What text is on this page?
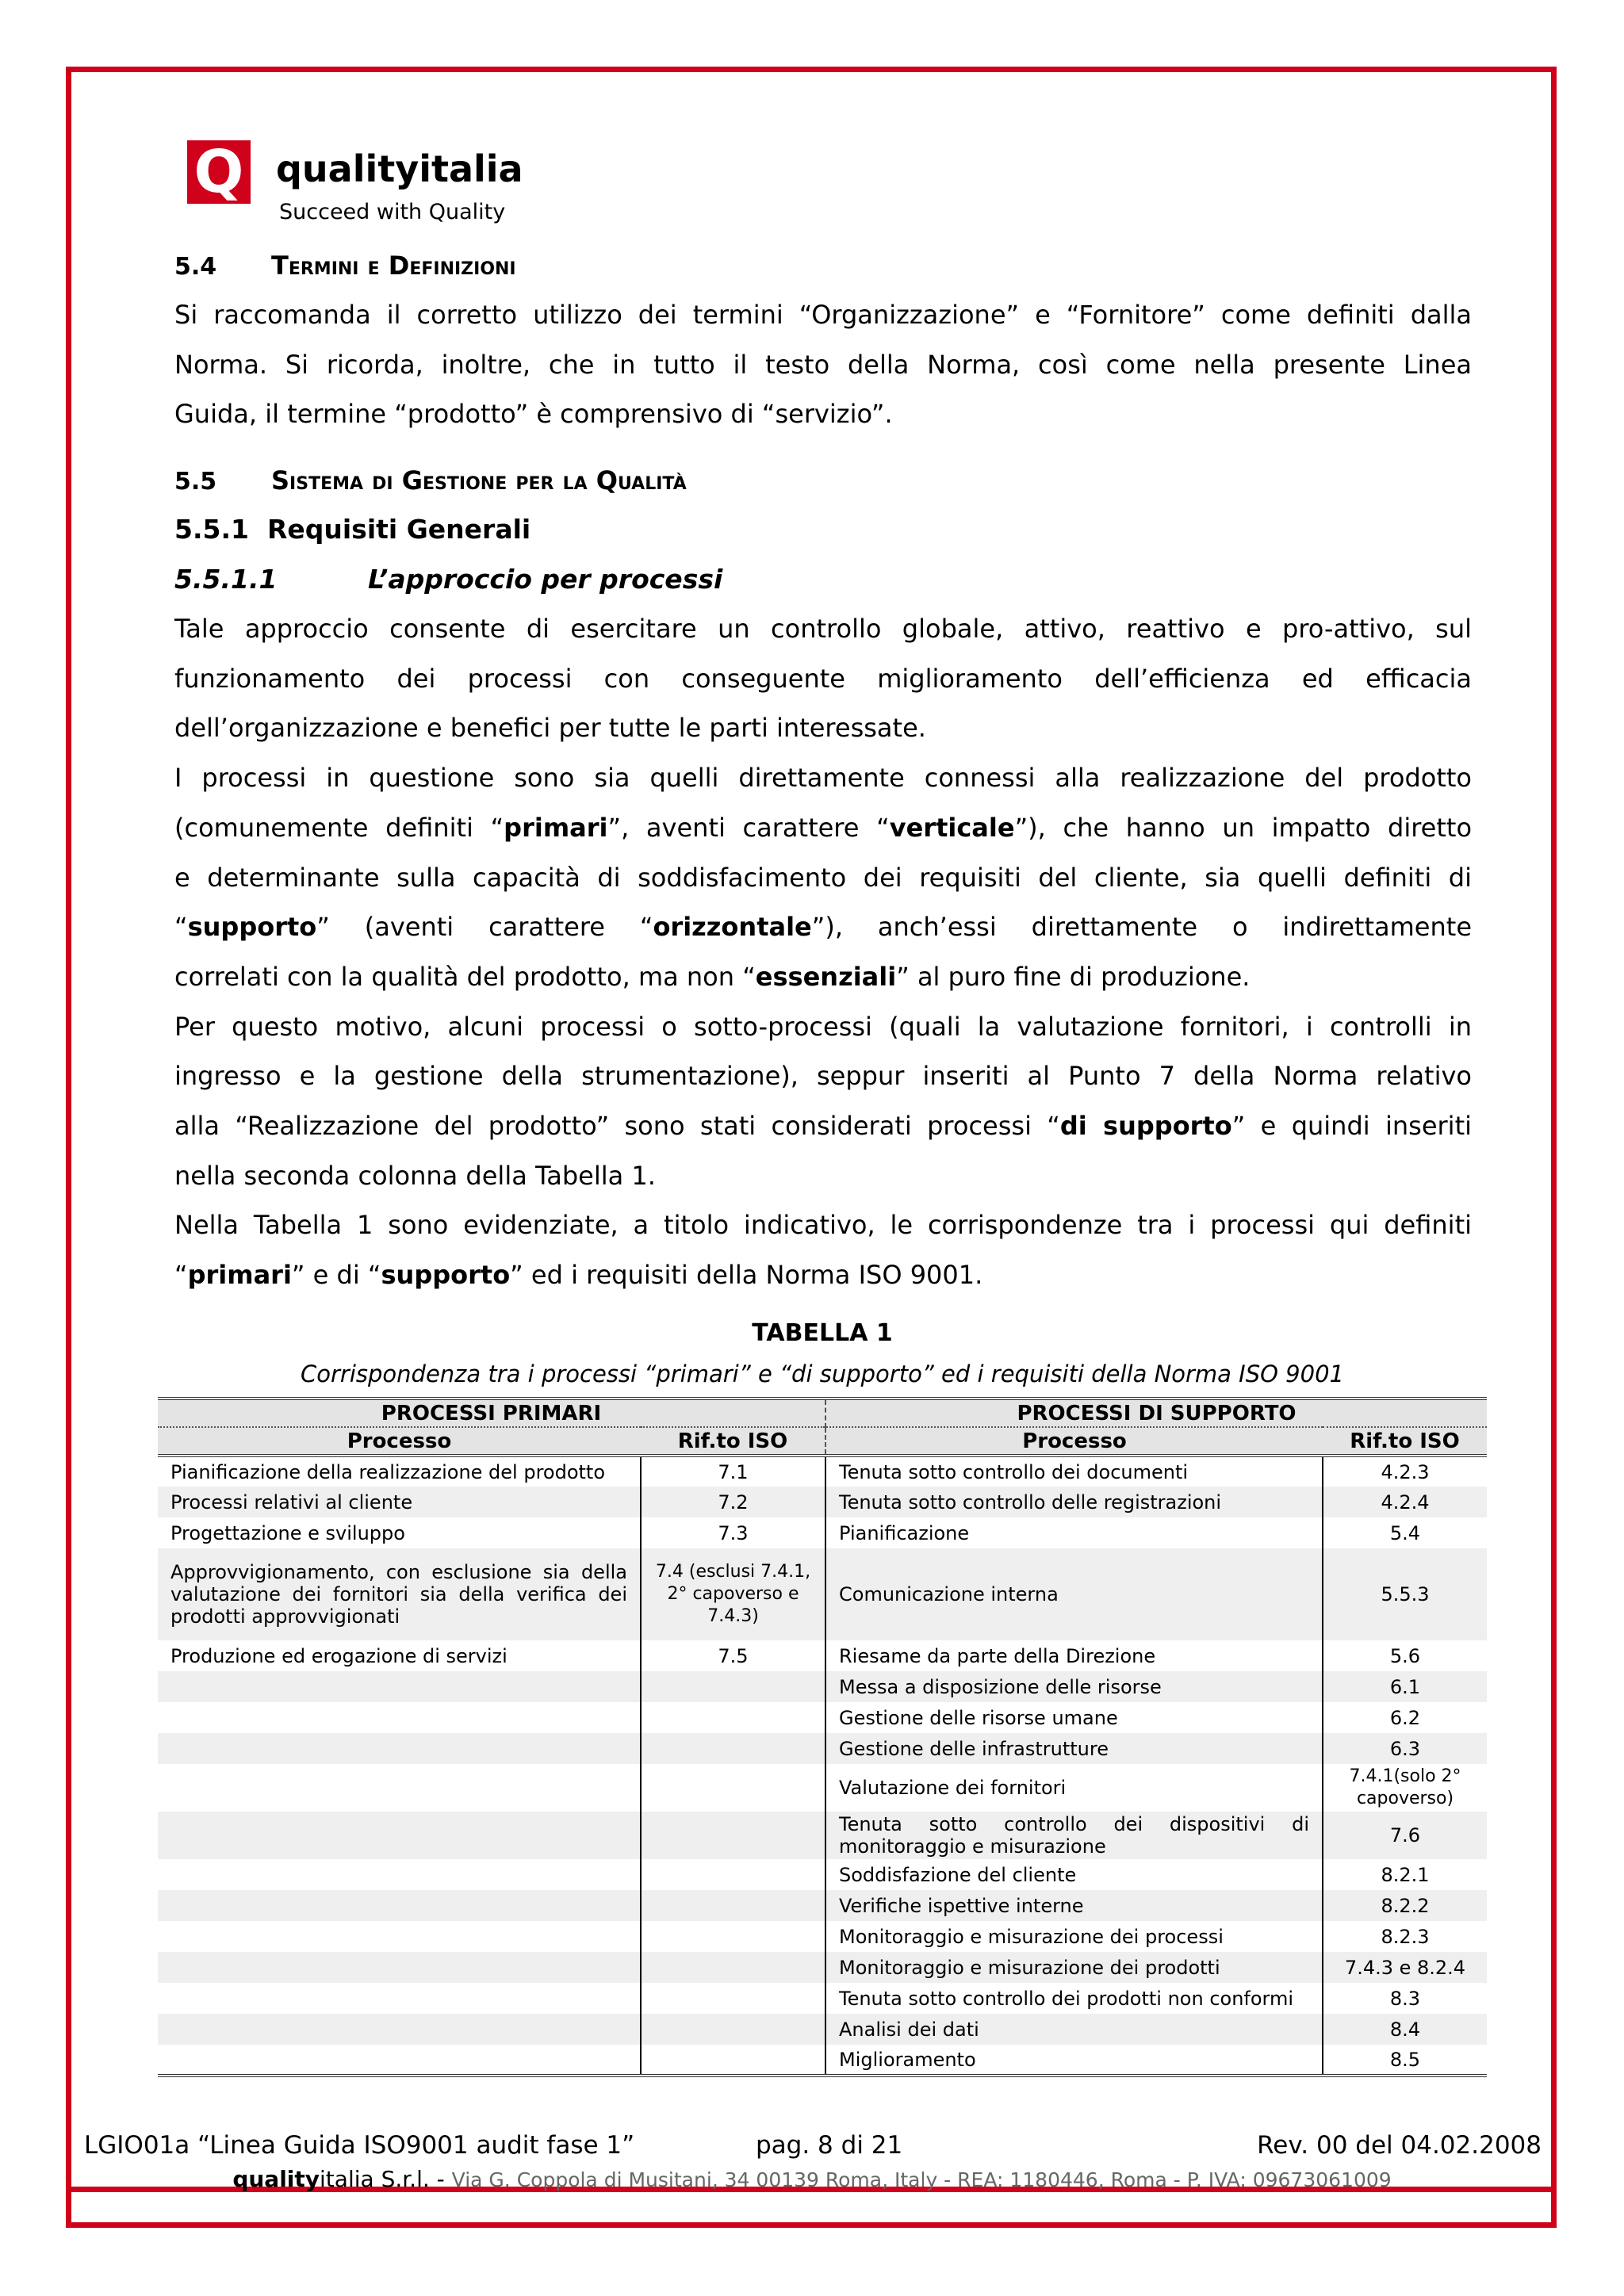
Q qualityitalia
Succeed with Quality
5.4 Termini e Definizioni
Si raccomanda il corretto utilizzo dei termini “Organizzazione” e “Fornitore” come definiti dalla
Norma. Si ricorda, inoltre, che in tutto il testo della Norma, così come nella presente Linea
Guida, il termine “prodotto” è comprensivo di “servizio”.
5.5 Sistema di Gestione per la Qualità
5.5.1 Requisiti Generali
5.5.1.1	L’approccio per processi
Tale approccio consente di esercitare un controllo globale, attivo, reattivo e pro-attivo, sul
funzionamento dei processi con conseguente miglioramento dell’efficienza ed efficacia
dell’organizzazione e benefici per tutte le parti interessate.
I processi in questione sono sia quelli direttamente connessi alla realizzazione del prodotto
(comunemente definiti “primari”, aventi carattere “verticale”), che hanno un impatto diretto
e determinante sulla capacità di soddisfacimento dei requisiti del cliente, sia quelli definiti di
“supporto” (aventi carattere “orizzontale”), anch’essi direttamente o indirettamente
correlati con la qualità del prodotto, ma non “essenziali” al puro fine di produzione.
Per questo motivo, alcuni processi o sotto-processi (quali la valutazione fornitori, i controlli in
ingresso e la gestione della strumentazione), seppur inseriti al Punto 7 della Norma relativo
alla “Realizzazione del prodotto” sono stati considerati processi “di supporto” e quindi inseriti
nella seconda colonna della Tabella 1.
Nella Tabella 1 sono evidenziate, a titolo indicativo, le corrispondenze tra i processi qui definiti
“primari” e di “supporto” ed i requisiti della Norma ISO 9001.
TABELLA 1
Corrispondenza tra i processi “primari” e “di supporto” ed i requisiti della Norma ISO 9001
PROCESSI PRIMARI		PROCESSI DI SUPPORTO	
Processo	Rif.to ISO	Processo	Rif.to ISO
Pianificazione della realizzazione del prodotto	7.1	Tenuta sotto controllo dei documenti	4.2.3
Processi relativi al cliente	7.2	Tenuta sotto controllo delle registrazioni	4.2.4
Progettazione e sviluppo	7.3	Pianificazione	5.4
Approvvigionamento, con esclusione sia della valutazione dei fornitori sia della verifica dei prodotti approvvigionati	7.4 (esclusi 7.4.1, 2° capoverso e 7.4.3)	Comunicazione interna	5.5.3
Produzione ed erogazione di servizi	7.5	Riesame da parte della Direzione	5.6
		Messa a disposizione delle risorse	6.1
		Gestione delle risorse umane	6.2
		Gestione delle infrastrutture	6.3
		Valutazione dei fornitori	7.4.1(solo 2° capoverso)
		Tenuta sotto controllo dei dispositivi di monitoraggio e misurazione	7.6
		Soddisfazione del cliente	8.2.1
		Verifiche ispettive interne	8.2.2
		Monitoraggio e misurazione dei processi	8.2.3
		Monitoraggio e misurazione dei prodotti	7.4.3 e 8.2.4
		Tenuta sotto controllo dei prodotti non conformi	8.3
		Analisi dei dati	8.4
		Miglioramento	8.5
LGIO01a “Linea Guida ISO9001 audit fase 1”	pag. 8 di 21	Rev. 00 del 04.02.2008
qualityitalia S.r.l. - Via G. Coppola di Musitani, 34 00139 Roma, Italy - REA: 1180446, Roma - P. IVA: 09673061009
